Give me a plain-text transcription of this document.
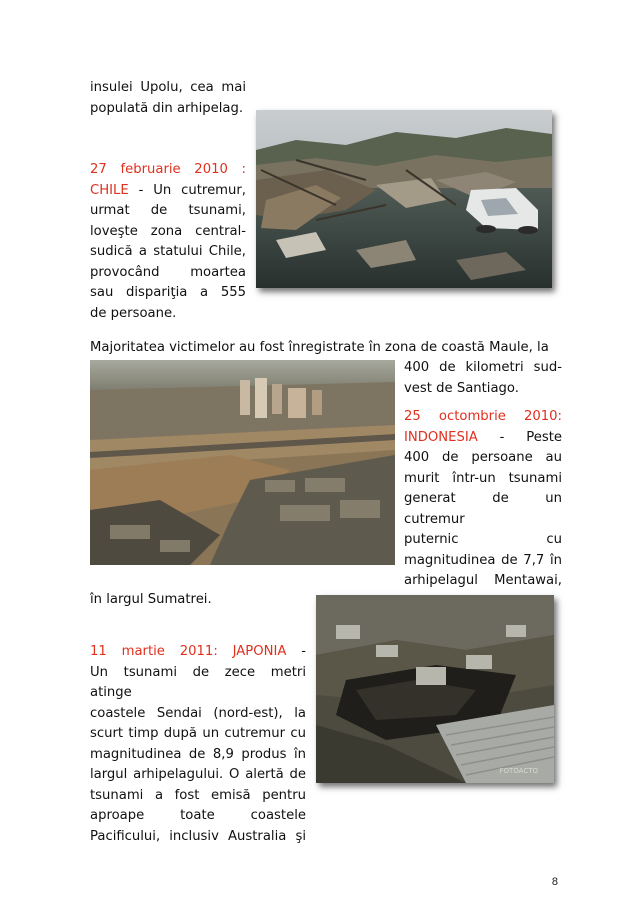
insulei Upolu, cea mai
populată din arhipelag.
27 februarie 2010 :
CHILE - Un cutremur,
urmat de tsunami,
loveşte zona central-
sudică a statului Chile,
provocând moartea
sau dispariţia a 555
de persoane.
Majoritatea victimelor au fost înregistrate în zona de coastă Maule, la
400 de kilometri sud-
vest de Santiago.
25 octombrie 2010:
INDONESIA - Peste
400 de persoane au
murit într-un tsunami
generat de un cutremur
puternic cu
magnitudinea de 7,7 în
arhipelagul Mentawai,
în largul Sumatrei.
11 martie 2011: JAPONIA -
Un tsunami de zece metri atinge
coastele Sendai (nord-est), la
scurt timp după un cutremur cu
magnitudinea de 8,9 produs în
largul arhipelagului. O alertă de
tsunami a fost emisă pentru
aproape toate coastele
Pacificului, inclusiv Australia şi
FOTOACTO
8
